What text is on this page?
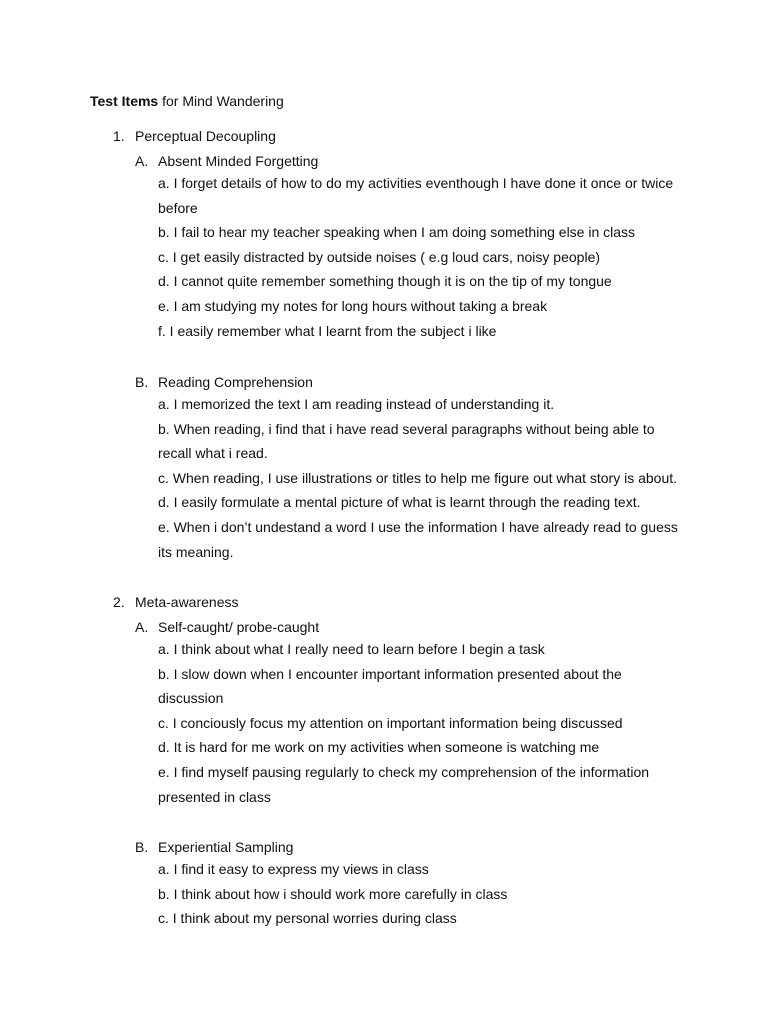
Test Items for Mind Wandering
1. Perceptual Decoupling
A. Absent Minded Forgetting
a. I forget details of how to do my activities eventhough I have done it once or twice before
b. I fail to hear my teacher speaking when I am doing something else in class
c. I get easily distracted by outside noises ( e.g loud cars, noisy people)
d. I cannot quite remember something though it is on the tip of my tongue
e. I am studying my notes for long hours without taking a break
f. I easily remember what I learnt from the subject i like
B. Reading Comprehension
a. I memorized the text I am reading instead of understanding it.
b. When reading, i find that i have read several paragraphs without being able to recall what i read.
c. When reading, I use illustrations or titles to help me figure out what story is about.
d. I easily formulate a mental picture of what is learnt through the reading text.
e. When i don’t undestand a word I use the information I have already read to guess its meaning.
2. Meta-awareness
A. Self-caught/ probe-caught
a. I think about what I really need to learn before I begin a task
b. I slow down when I encounter important information presented about the discussion
c. I conciously focus my attention on important information being discussed
d. It is hard for me work on my activities when someone is watching me
e. I find myself pausing regularly to check my comprehension of the information presented in class
B. Experiential Sampling
a. I find it easy to express my views in class
b. I think about how i should work more carefully in class
c. I think about my personal worries during class
